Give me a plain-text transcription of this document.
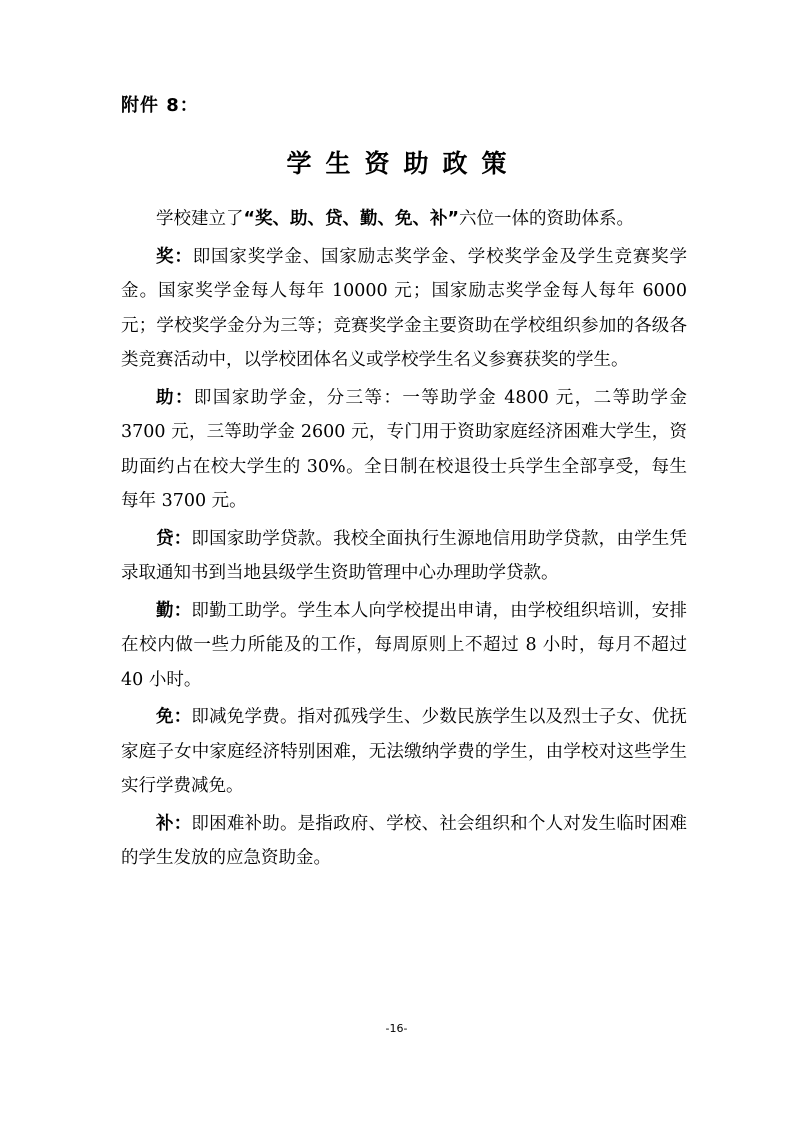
附件 8：
学生资助政策

学校建立了“奖、助、贷、勤、免、补”六位一体的资助体系。

奖：即国家奖学金、国家励志奖学金、学校奖学金及学生竞赛奖学金。国家奖学金每人每年 10000 元；国家励志奖学金每人每年 6000 元；学校奖学金分为三等；竞赛奖学金主要资助在学校组织参加的各级各类竞赛活动中，以学校团体名义或学校学生名义参赛获奖的学生。

助：即国家助学金，分三等：一等助学金 4800 元，二等助学金 3700 元，三等助学金 2600 元，专门用于资助家庭经济困难大学生，资助面约占在校大学生的 30%。全日制在校退役士兵学生全部享受，每生每年 3700 元。

贷：即国家助学贷款。我校全面执行生源地信用助学贷款，由学生凭录取通知书到当地县级学生资助管理中心办理助学贷款。

勤：即勤工助学。学生本人向学校提出申请，由学校组织培训，安排在校内做一些力所能及的工作，每周原则上不超过 8 小时，每月不超过 40 小时。

免：即减免学费。指对孤残学生、少数民族学生以及烈士子女、优抚家庭子女中家庭经济特别困难，无法缴纳学费的学生，由学校对这些学生实行学费减免。

补：即困难补助。是指政府、学校、社会组织和个人对发生临时困难的学生发放的应急资助金。

-16-
